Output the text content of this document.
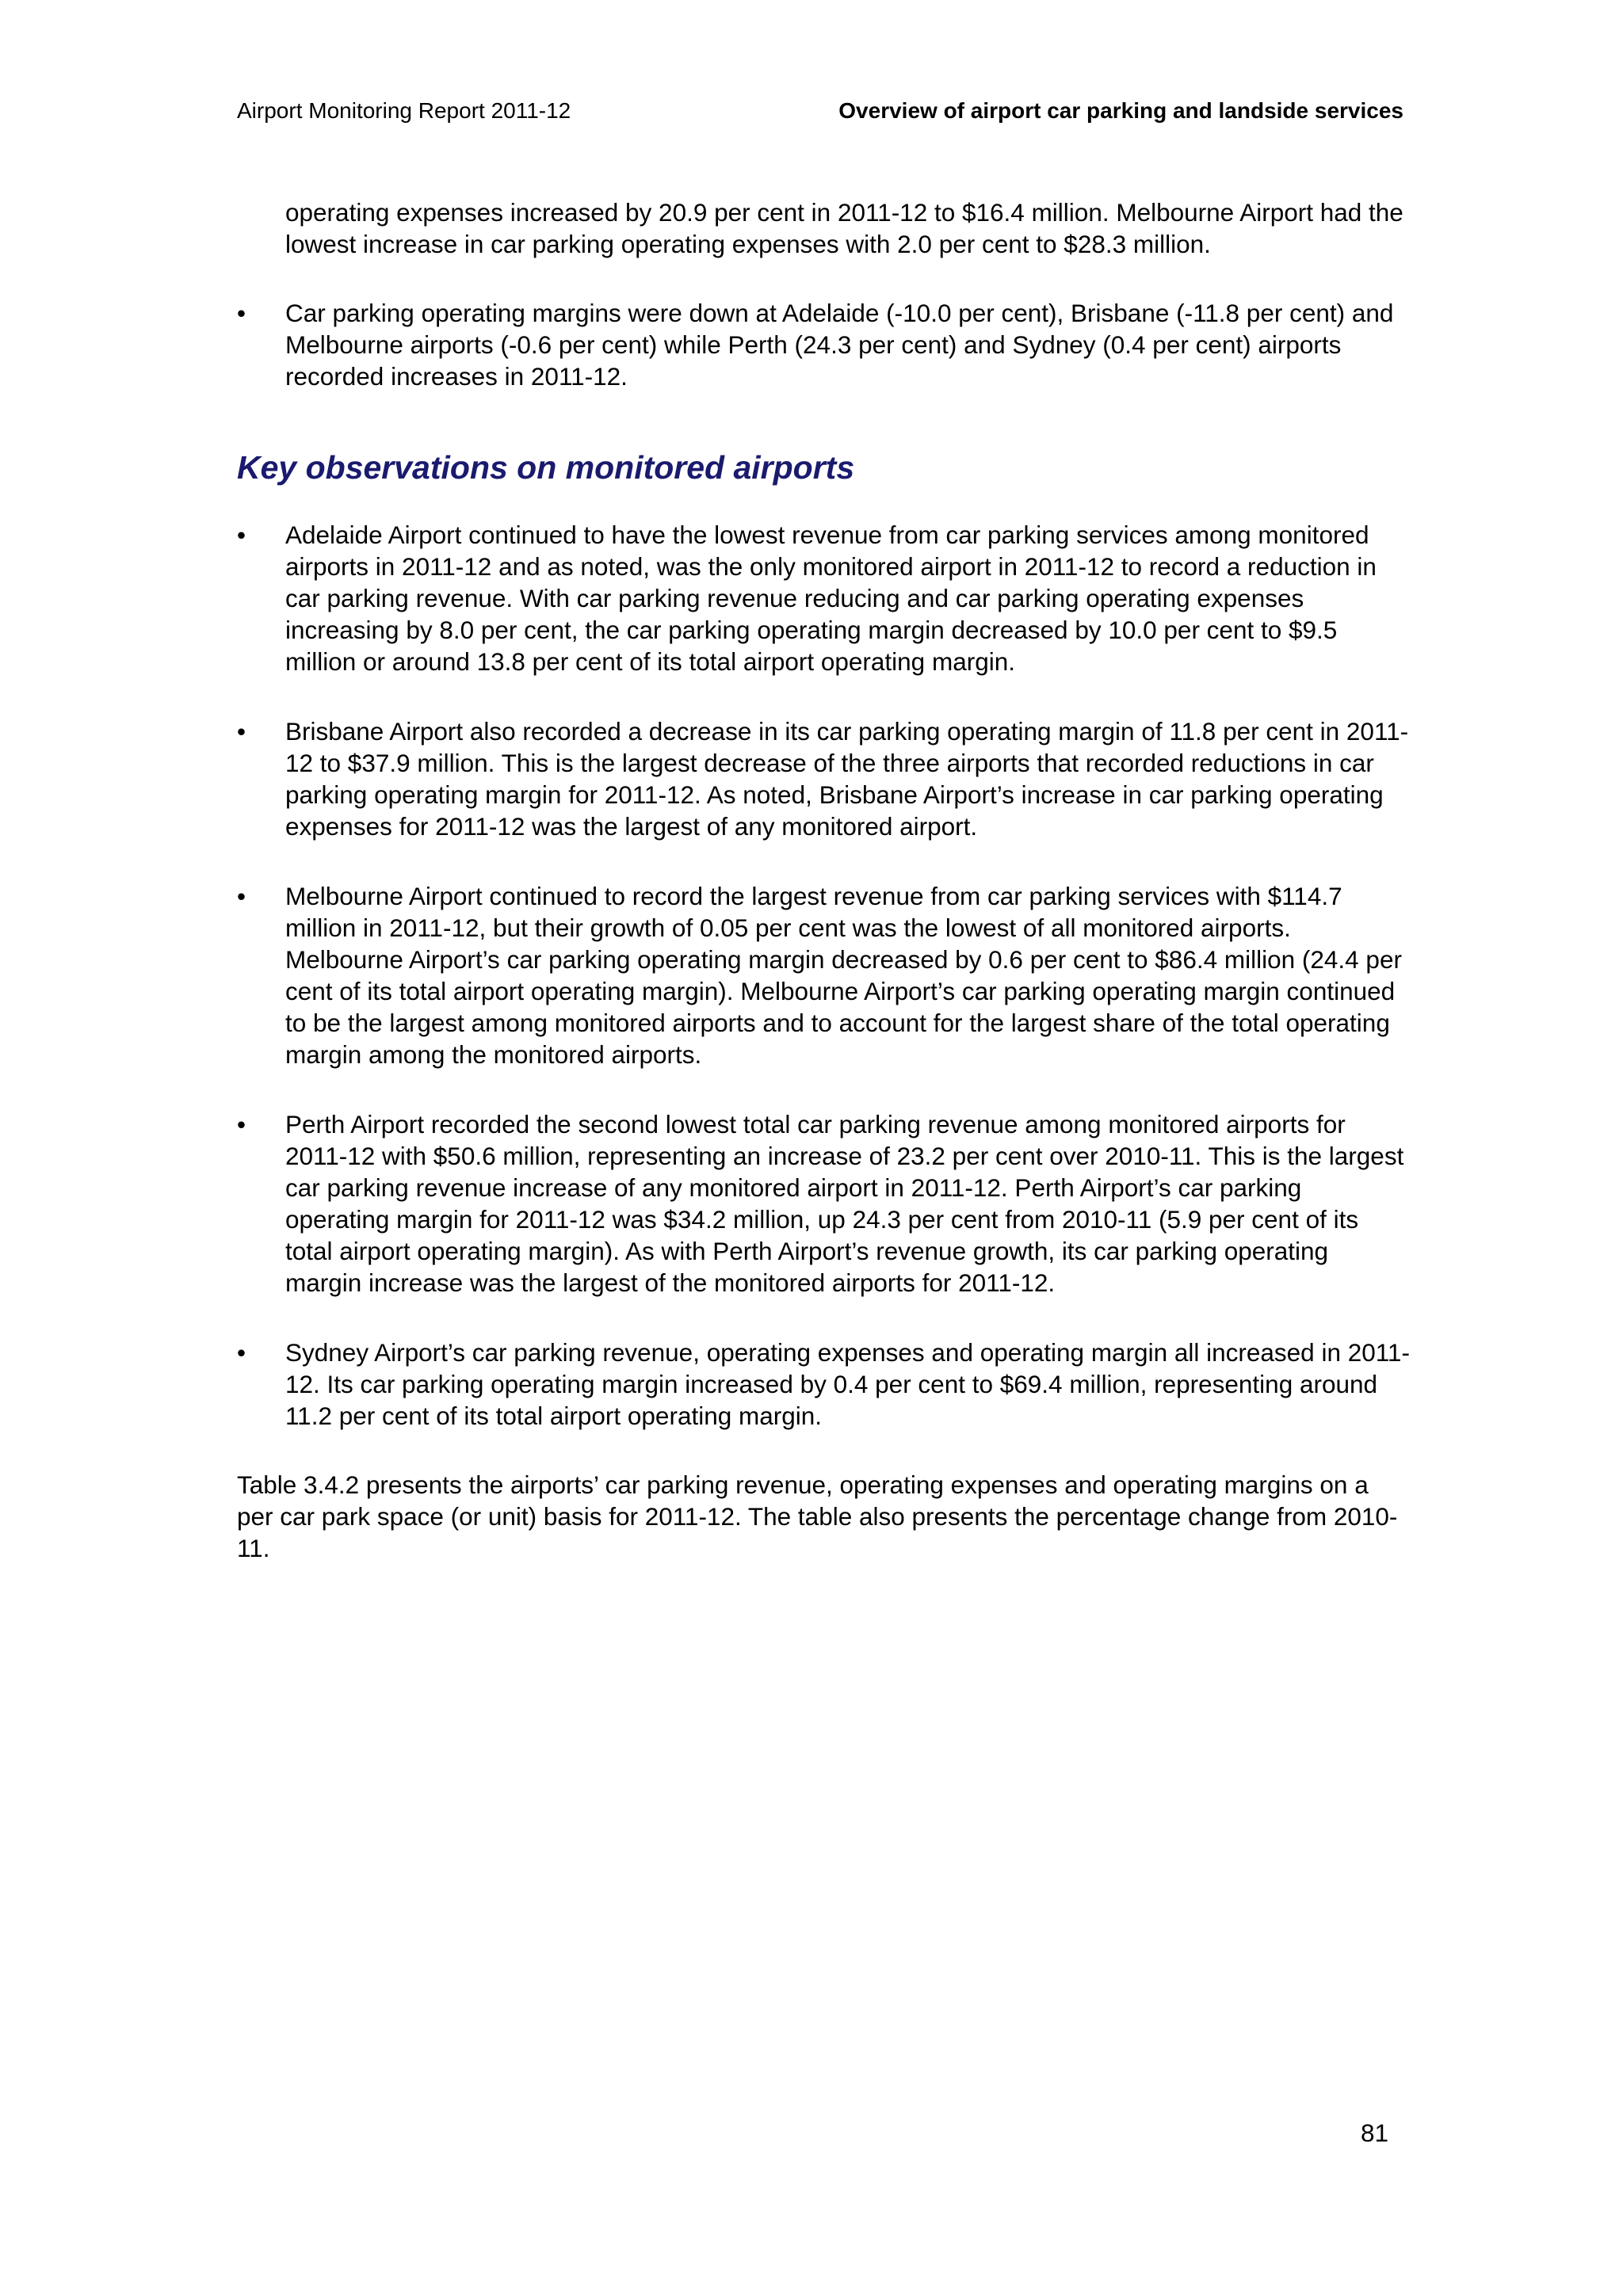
Airport Monitoring Report 2011-12	Overview of airport car parking and landside services

operating expenses increased by 20.9 per cent in 2011-12 to $16.4 million. Melbourne Airport had the lowest increase in car parking operating expenses with 2.0 per cent to $28.3 million.

• Car parking operating margins were down at Adelaide (-10.0 per cent), Brisbane (-11.8 per cent) and Melbourne airports (-0.6 per cent) while Perth (24.3 per cent) and Sydney (0.4 per cent) airports recorded increases in 2011-12.

Key observations on monitored airports
• Adelaide Airport continued to have the lowest revenue from car parking services among monitored airports in 2011-12 and as noted, was the only monitored airport in 2011-12 to record a reduction in car parking revenue. With car parking revenue reducing and car parking operating expenses increasing by 8.0 per cent, the car parking operating margin decreased by 10.0 per cent to $9.5 million or around 13.8 per cent of its total airport operating margin.

• Brisbane Airport also recorded a decrease in its car parking operating margin of 11.8 per cent in 2011-12 to $37.9 million. This is the largest decrease of the three airports that recorded reductions in car parking operating margin for 2011-12. As noted, Brisbane Airport’s increase in car parking operating expenses for 2011-12 was the largest of any monitored airport.

• Melbourne Airport continued to record the largest revenue from car parking services with $114.7 million in 2011-12, but their growth of 0.05 per cent was the lowest of all monitored airports. Melbourne Airport’s car parking operating margin decreased by 0.6 per cent to $86.4 million (24.4 per cent of its total airport operating margin). Melbourne Airport’s car parking operating margin continued to be the largest among monitored airports and to account for the largest share of the total operating margin among the monitored airports.

• Perth Airport recorded the second lowest total car parking revenue among monitored airports for 2011-12 with $50.6 million, representing an increase of 23.2 per cent over 2010-11. This is the largest car parking revenue increase of any monitored airport in 2011-12. Perth Airport’s car parking operating margin for 2011-12 was $34.2 million, up 24.3 per cent from 2010-11 (5.9 per cent of its total airport operating margin). As with Perth Airport’s revenue growth, its car parking operating margin increase was the largest of the monitored airports for 2011-12.

• Sydney Airport’s car parking revenue, operating expenses and operating margin all increased in 2011-12. Its car parking operating margin increased by 0.4 per cent to $69.4 million, representing around 11.2 per cent of its total airport operating margin.

Table 3.4.2 presents the airports’ car parking revenue, operating expenses and operating margins on a per car park space (or unit) basis for 2011-12. The table also presents the percentage change from 2010-11.

81
